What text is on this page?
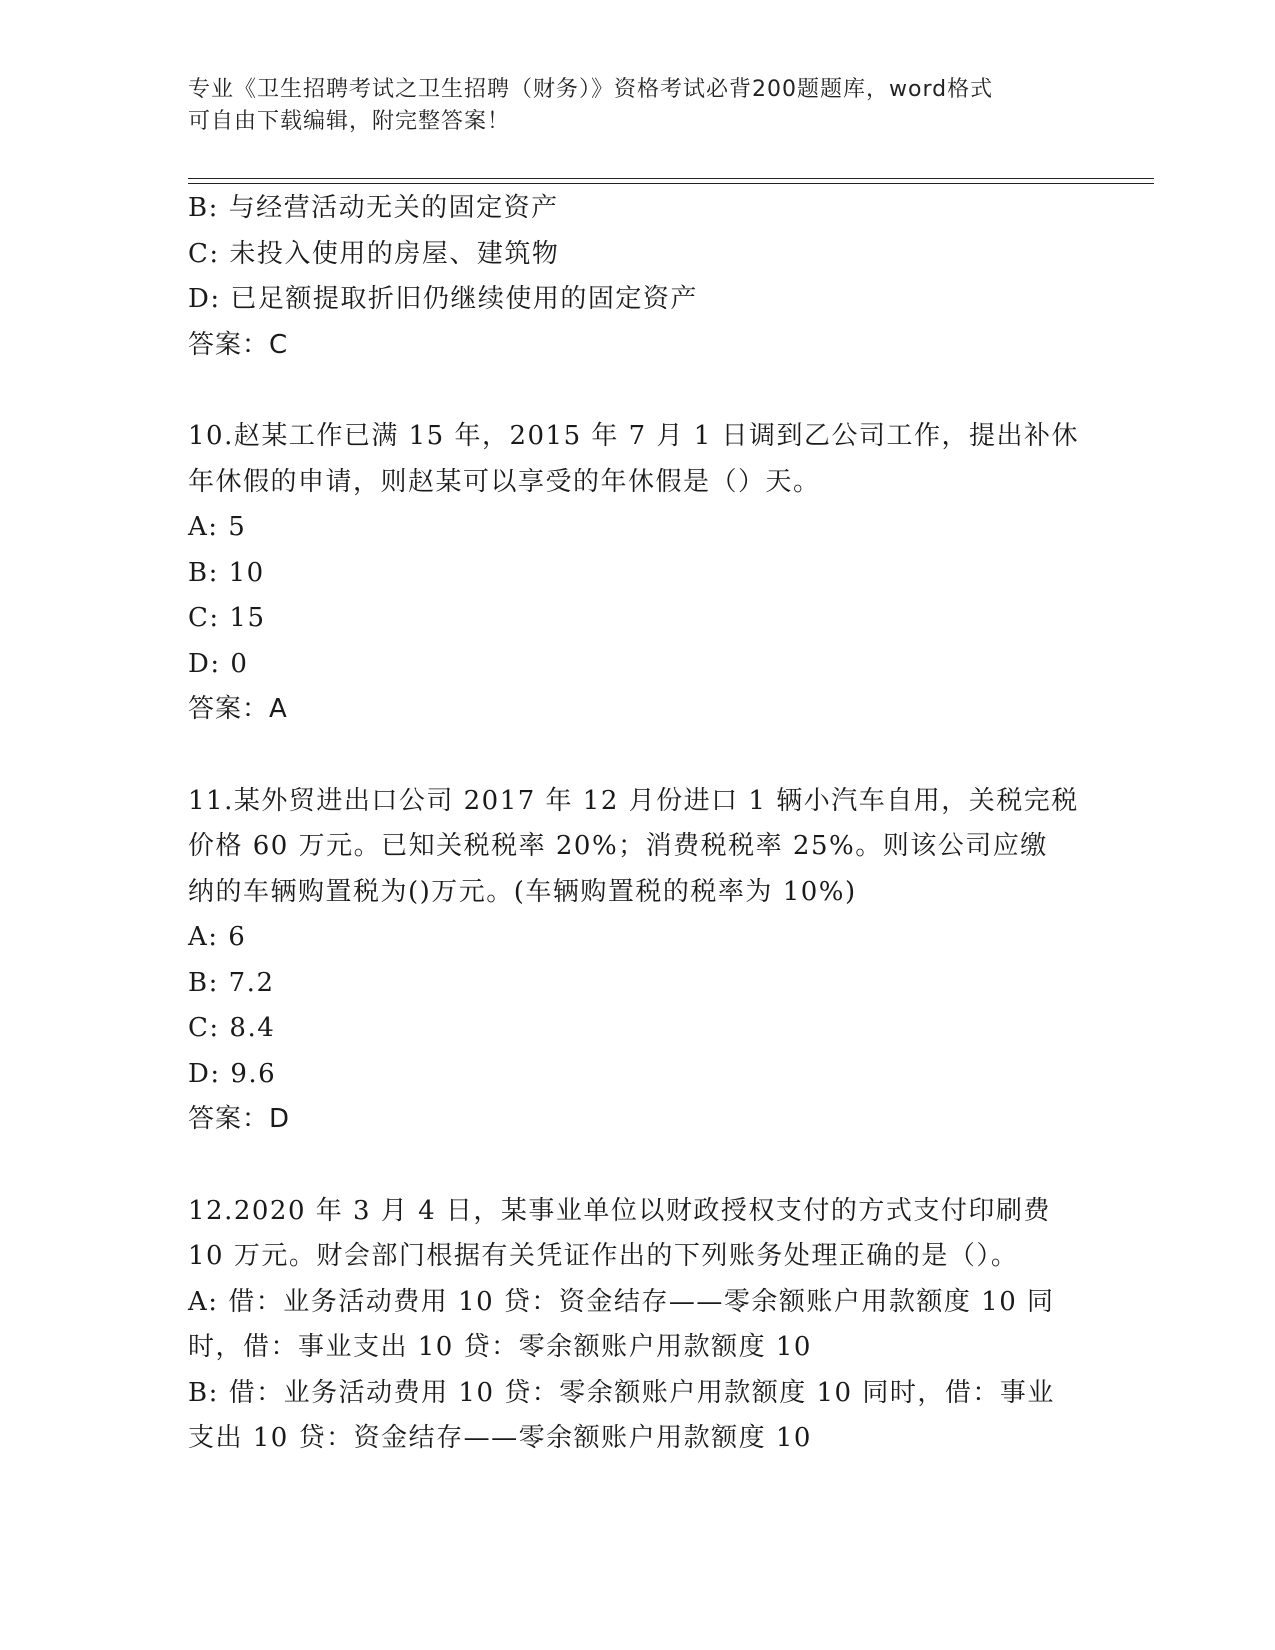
专业《卫生招聘考试之卫生招聘（财务）》资格考试必背200题题库，word格式
可自由下载编辑，附完整答案！
B: 与经营活动无关的固定资产
C: 未投入使用的房屋、建筑物
D: 已足额提取折旧仍继续使用的固定资产
答案：C
10.赵某工作已满 15 年，2015 年 7 月 1 日调到乙公司工作，提出补休
年休假的申请，则赵某可以享受的年休假是（）天。
A: 5
B: 10
C: 15
D: 0
答案：A
11.某外贸进出口公司 2017 年 12 月份进口 1 辆小汽车自用，关税完税
价格 60 万元。已知关税税率 20%；消费税税率 25%。则该公司应缴
纳的车辆购置税为()万元。(车辆购置税的税率为 10%)
A: 6
B: 7.2
C: 8.4
D: 9.6
答案：D
12.2020 年 3 月 4 日，某事业单位以财政授权支付的方式支付印刷费
10 万元。财会部门根据有关凭证作出的下列账务处理正确的是（）。
A: 借：业务活动费用 10 贷：资金结存——零余额账户用款额度 10 同
时，借：事业支出 10 贷：零余额账户用款额度 10
B: 借：业务活动费用 10 贷：零余额账户用款额度 10 同时，借：事业
支出 10 贷：资金结存——零余额账户用款额度 10
